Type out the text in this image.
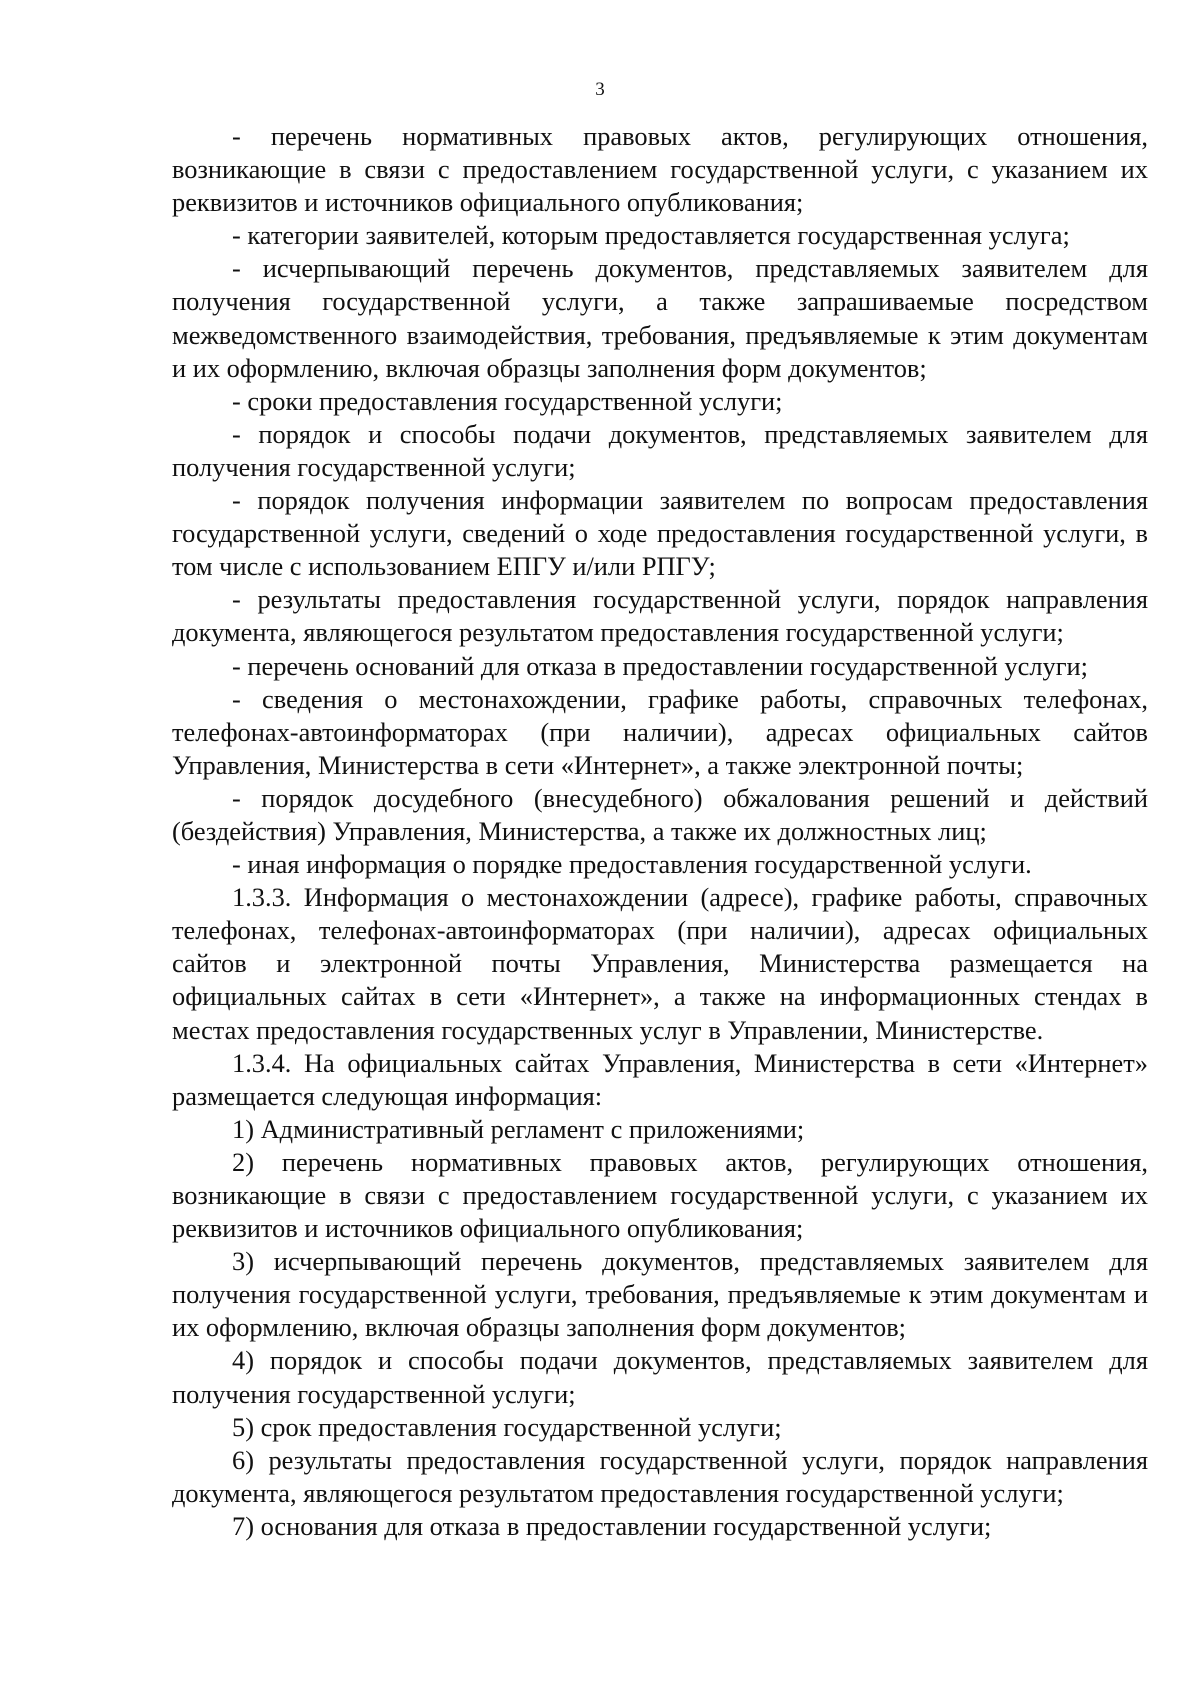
3

- перечень нормативных правовых актов, регулирующих отношения, возникающие в связи с предоставлением государственной услуги, с указанием их реквизитов и источников официального опубликования;

- категории заявителей, которым предоставляется государственная услуга;

- исчерпывающий перечень документов, представляемых заявителем для получения государственной услуги, а также запрашиваемые посредством межведомственного взаимодействия, требования, предъявляемые к этим документам и их оформлению, включая образцы заполнения форм документов;

- сроки предоставления государственной услуги;

- порядок и способы подачи документов, представляемых заявителем для получения государственной услуги;

- порядок получения информации заявителем по вопросам предоставления государственной услуги, сведений о ходе предоставления государственной услуги, в том числе с использованием ЕПГУ и/или РПГУ;

- результаты предоставления государственной услуги, порядок направления документа, являющегося результатом предоставления государственной услуги;

- перечень оснований для отказа в предоставлении государственной услуги;

- сведения о местонахождении, графике работы, справочных телефонах, телефонах-автоинформаторах (при наличии), адресах официальных сайтов Управления, Министерства в сети «Интернет», а также электронной почты;

- порядок досудебного (внесудебного) обжалования решений и действий (бездействия) Управления, Министерства, а также их должностных лиц;

- иная информация о порядке предоставления государственной услуги.

1.3.3. Информация о местонахождении (адресе), графике работы, справочных телефонах, телефонах-автоинформаторах (при наличии), адресах официальных сайтов и электронной почты Управления, Министерства размещается на официальных сайтах в сети «Интернет», а также на информационных стендах в местах предоставления государственных услуг в Управлении, Министерстве.

1.3.4. На официальных сайтах Управления, Министерства в сети «Интернет» размещается следующая информация:

1) Административный регламент с приложениями;

2) перечень нормативных правовых актов, регулирующих отношения, возникающие в связи с предоставлением государственной услуги, с указанием их реквизитов и источников официального опубликования;

3) исчерпывающий перечень документов, представляемых заявителем для получения государственной услуги, требования, предъявляемые к этим документам и их оформлению, включая образцы заполнения форм документов;

4) порядок и способы подачи документов, представляемых заявителем для получения государственной услуги;

5) срок предоставления государственной услуги;

6) результаты предоставления государственной услуги, порядок направления документа, являющегося результатом предоставления государственной услуги;

7) основания для отказа в предоставлении государственной услуги;
